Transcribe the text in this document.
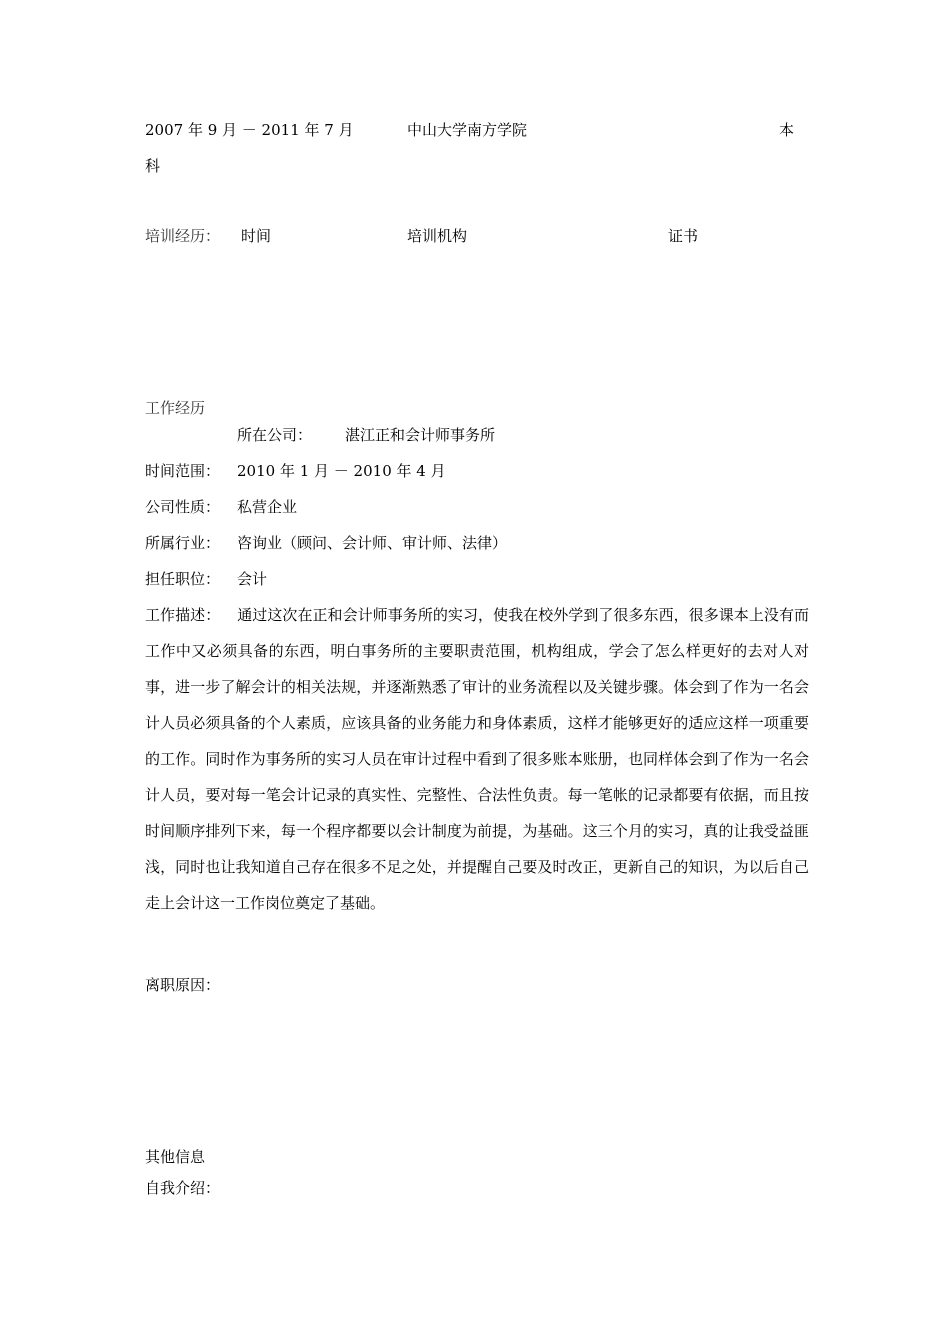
2007 年 9 月 － 2011 年 7 月	中山大学南方学院	本
科
培训经历： 时间	培训机构	证书
工作经历
所在公司： 湛江正和会计师事务所
时间范围： 2010 年 1 月 － 2010 年 4 月
公司性质： 私营企业
所属行业： 咨询业（顾问、会计师、审计师、法律）
担任职位： 会计

工作描述： 通过这次在正和会计师事务所的实习，使我在校外学到了很多东西，很多课本上没有而工作中又必须具备的东西，明白事务所的主要职责范围，机构组成，学会了怎么样更好的去对人对事，进一步了解会计的相关法规，并逐渐熟悉了审计的业务流程以及关键步骤。体会到了作为一名会计人员必须具备的个人素质，应该具备的业务能力和身体素质，这样才能够更好的适应这样一项重要的工作。同时作为事务所的实习人员在审计过程中看到了很多账本账册，也同样体会到了作为一名会计人员，要对每一笔会计记录的真实性、完整性、合法性负责。每一笔帐的记录都要有依据，而且按时间顺序排列下来，每一个程序都要以会计制度为前提，为基础。这三个月的实习，真的让我受益匪浅，同时也让我知道自己存在很多不足之处，并提醒自己要及时改正，更新自己的知识，为以后自己走上会计这一工作岗位奠定了基础。

离职原因：
其他信息
自我介绍：
